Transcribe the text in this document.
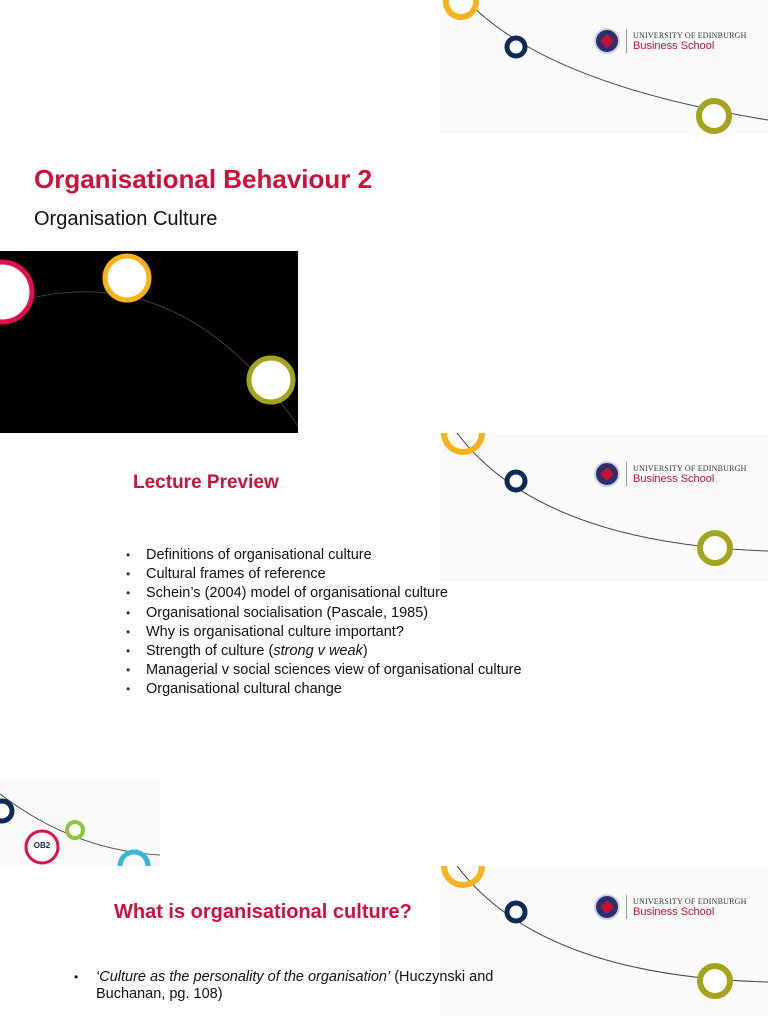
UNIVERSITY OF EDINBURGH
Business School
Organisational Behaviour 2
Organisation Culture
UNIVERSITY OF EDINBURGH
Business School
Lecture Preview
• Definitions of organisational culture
• Cultural frames of reference
• Schein’s (2004) model of organisational culture
• Organisational socialisation (Pascale, 1985)
• Why is organisational culture important?
• Strength of culture (strong v weak)
• Managerial v social sciences view of organisational culture
• Organisational cultural change
OB2
UNIVERSITY OF EDINBURGH
Business School
What is organisational culture?
•	‘Culture as the personality of the organisation’ (Huczynski and
Buchanan, pg. 108)
